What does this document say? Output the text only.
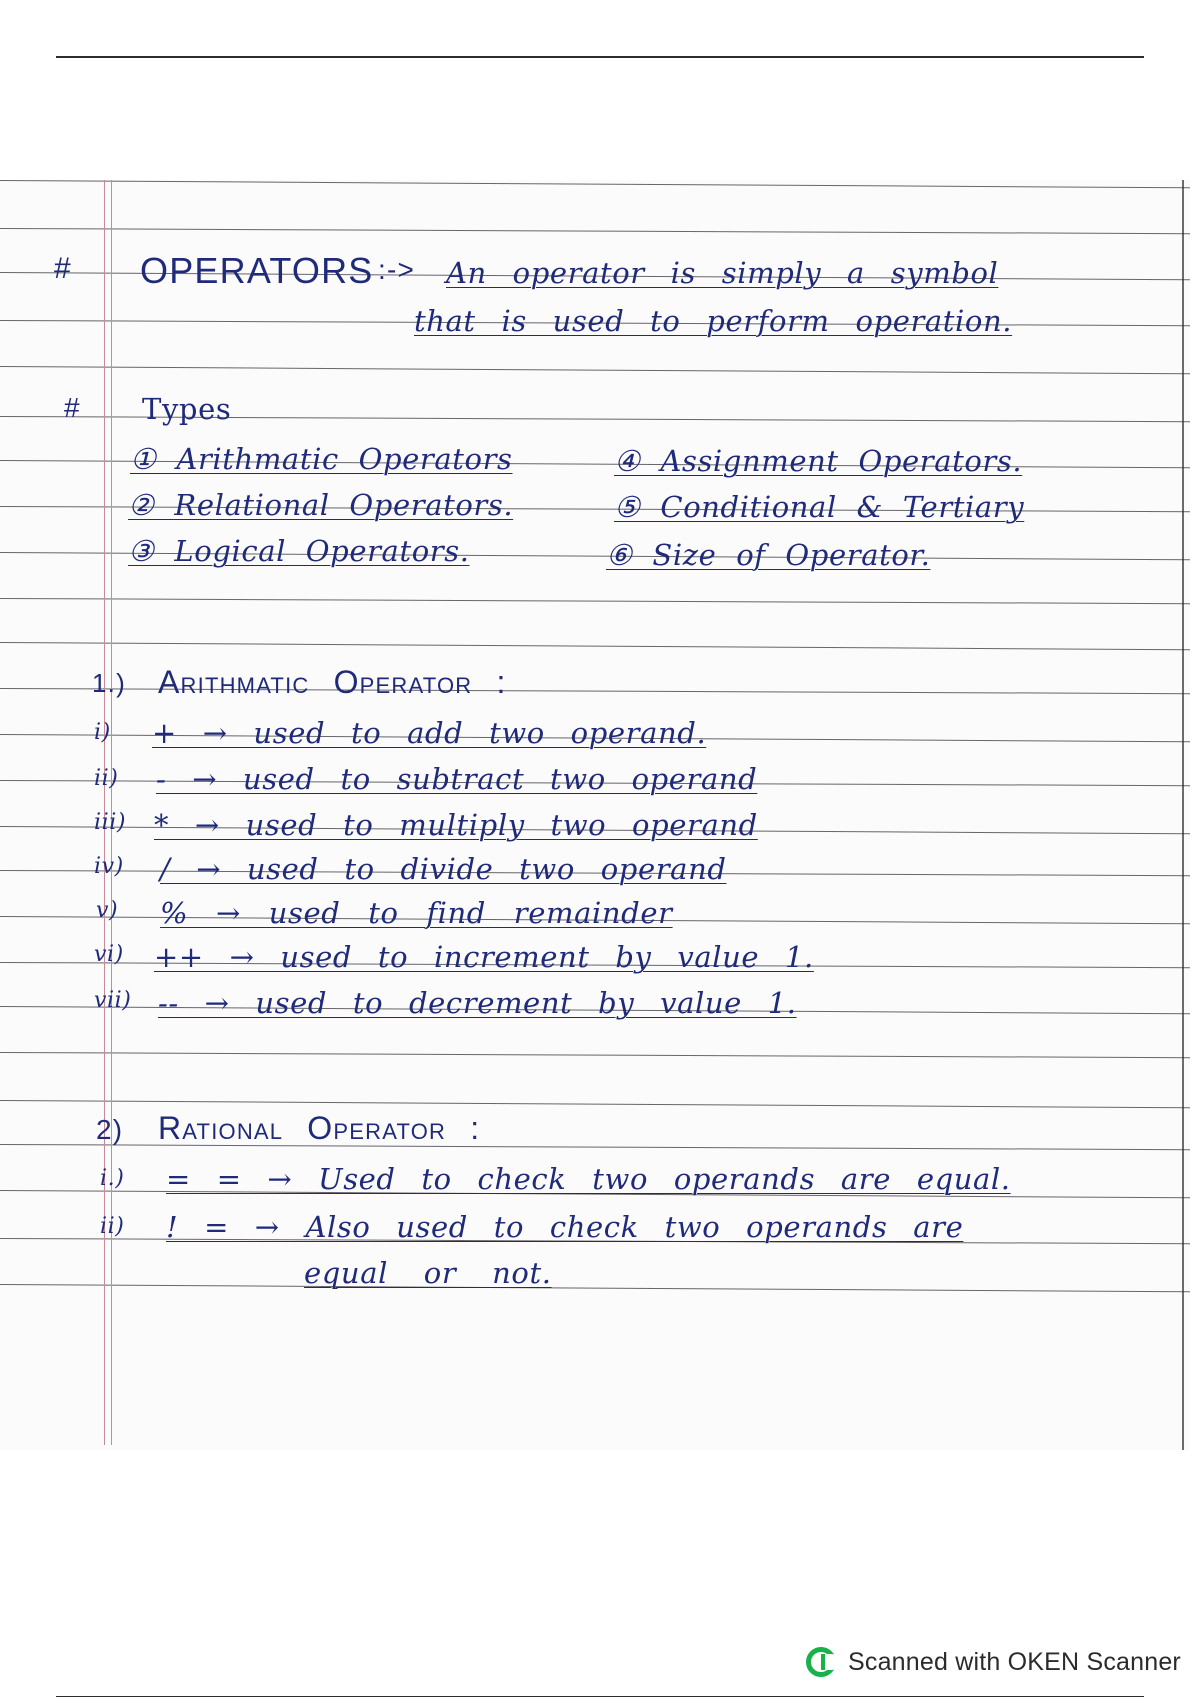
# OPERATORS :-> An operator is simply a symbol
that is used to perform operation.
# Types
① Arithmatic Operators
② Relational Operators.
③ Logical Operators.
④ Assignment Operators.
⑤ Conditional & Tertiary
⑥ Size of Operator.
1.) Arithmatic Operator :
i) + → used to add two operand.
ii) - → used to subtract two operand
iii) * → used to multiply two operand
iv) / → used to divide two operand
v) % → used to find remainder
vi) ++ → used to increment by value 1.
vii) -- → used to decrement by value 1.
2) Rational Operator :
i.) = = → Used to check two operands are equal.
ii) ! = → Also used to check two operands are
equal or not.
Scanned with OKEN Scanner
